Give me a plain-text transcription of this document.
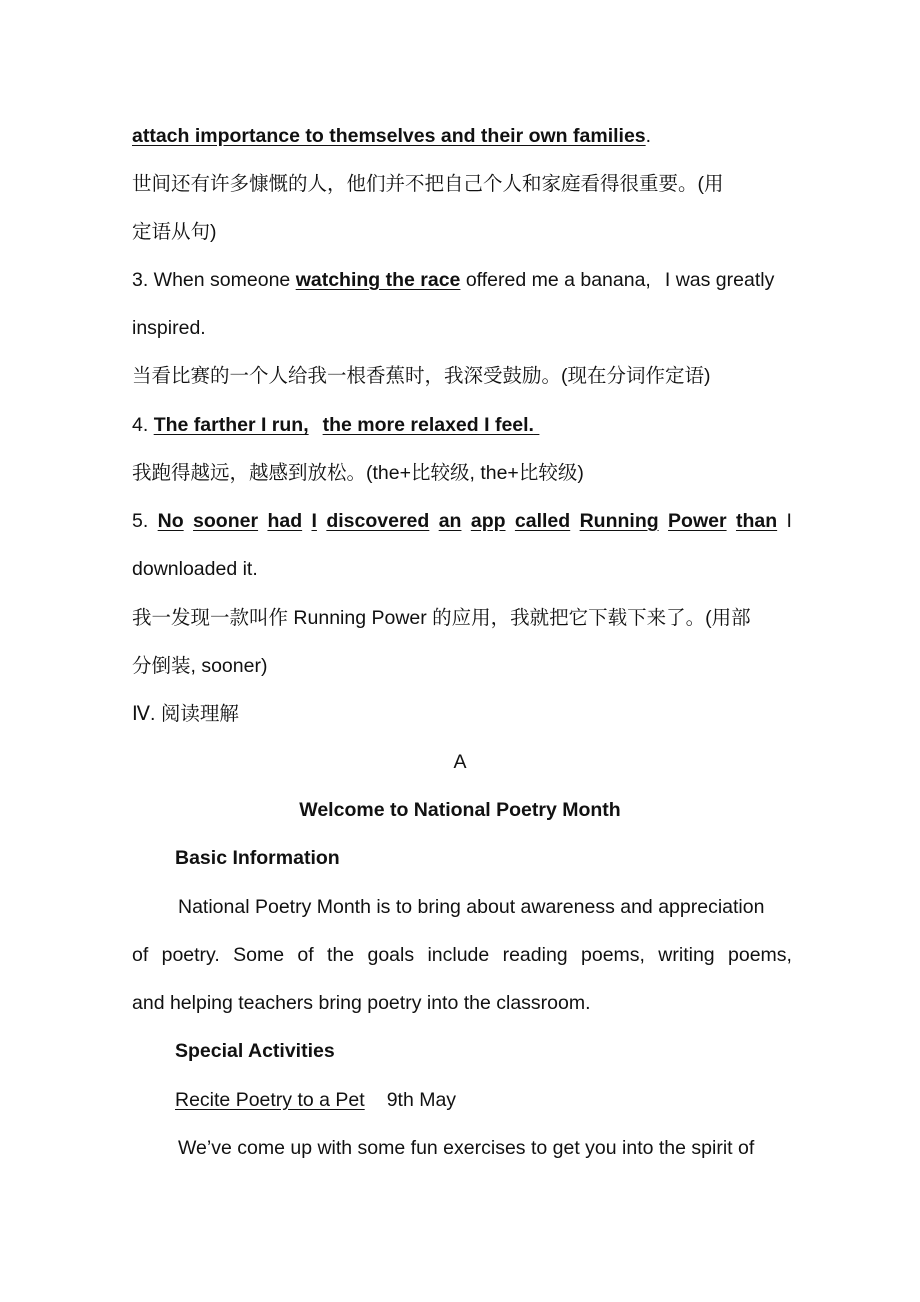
attach importance to themselves and their own families.
世间还有许多慷慨的人，他们并不把自己个人和家庭看得很重要。(用
定语从句)
3. When someone watching the race offered me a banana, I was greatly
inspired.
当看比赛的一个人给我一根香蕉时，我深受鼓励。(现在分词作定语)
4. The farther I run, the more relaxed I feel.
我跑得越远，越感到放松。(the+比较级, the+比较级)
5. No sooner had I discovered an app called Running Power than I
downloaded it.
我一发现一款叫作 Running Power 的应用，我就把它下载下来了。(用部
分倒装, sooner)
Ⅳ. 阅读理解
A
Welcome to National Poetry Month
Basic Information
National Poetry Month is to bring about awareness and appreciation
of poetry. Some of the goals include reading poems, writing poems,
and helping teachers bring poetry into the classroom.
Special Activities
Recite Poetry to a Pet 9th May
We’ve come up with some fun exercises to get you into the spirit of
